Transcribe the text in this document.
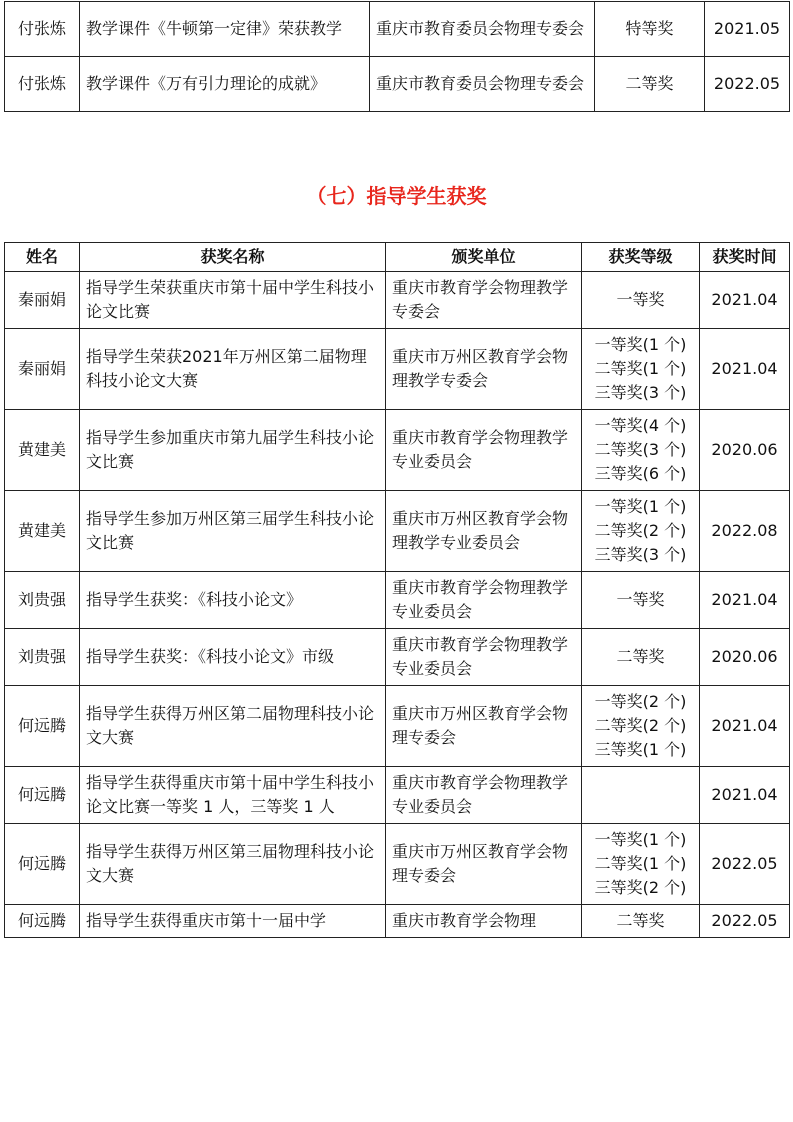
付张炼	教学课件《牛顿第一定律》荣获教学	重庆市教育委员会物理专委会	特等奖	2021.05
付张炼	教学课件《万有引力理论的成就》	重庆市教育委员会物理专委会	二等奖	2022.05
（七）指导学生获奖
姓名	获奖名称	颁奖单位	获奖等级	获奖时间
秦丽娟	指导学生荣获重庆市第十届中学生科技小论文比赛	重庆市教育学会物理教学专委会	一等奖	2021.04
秦丽娟	指导学生荣获2021年万州区第二届物理科技小论文大赛	重庆市万州区教育学会物理教学专委会	一等奖(1 个)
二等奖(1 个)
三等奖(3 个)	2021.04
黄建美	指导学生参加重庆市第九届学生科技小论文比赛	重庆市教育学会物理教学专业委员会	一等奖(4 个)
二等奖(3 个)
三等奖(6 个)	2020.06
黄建美	指导学生参加万州区第三届学生科技小论文比赛	重庆市万州区教育学会物理教学专业委员会	一等奖(1 个)
二等奖(2 个)
三等奖(3 个)	2022.08
刘贵强	指导学生获奖：《科技小论文》	重庆市教育学会物理教学专业委员会	一等奖	2021.04
刘贵强	指导学生获奖：《科技小论文》市级	重庆市教育学会物理教学专业委员会	二等奖	2020.06
何远腾	指导学生获得万州区第二届物理科技小论文大赛	重庆市万州区教育学会物理专委会	一等奖(2 个)
二等奖(2 个)
三等奖(1 个)	2021.04
何远腾	指导学生获得重庆市第十届中学生科技小论文比赛一等奖 1 人，三等奖 1 人	重庆市教育学会物理教学专业委员会		2021.04
何远腾	指导学生获得万州区第三届物理科技小论文大赛	重庆市万州区教育学会物理专委会	一等奖(1 个)
二等奖(1 个)
三等奖(2 个)	2022.05
何远腾	指导学生获得重庆市第十一届中学	重庆市教育学会物理	二等奖	2022.05
